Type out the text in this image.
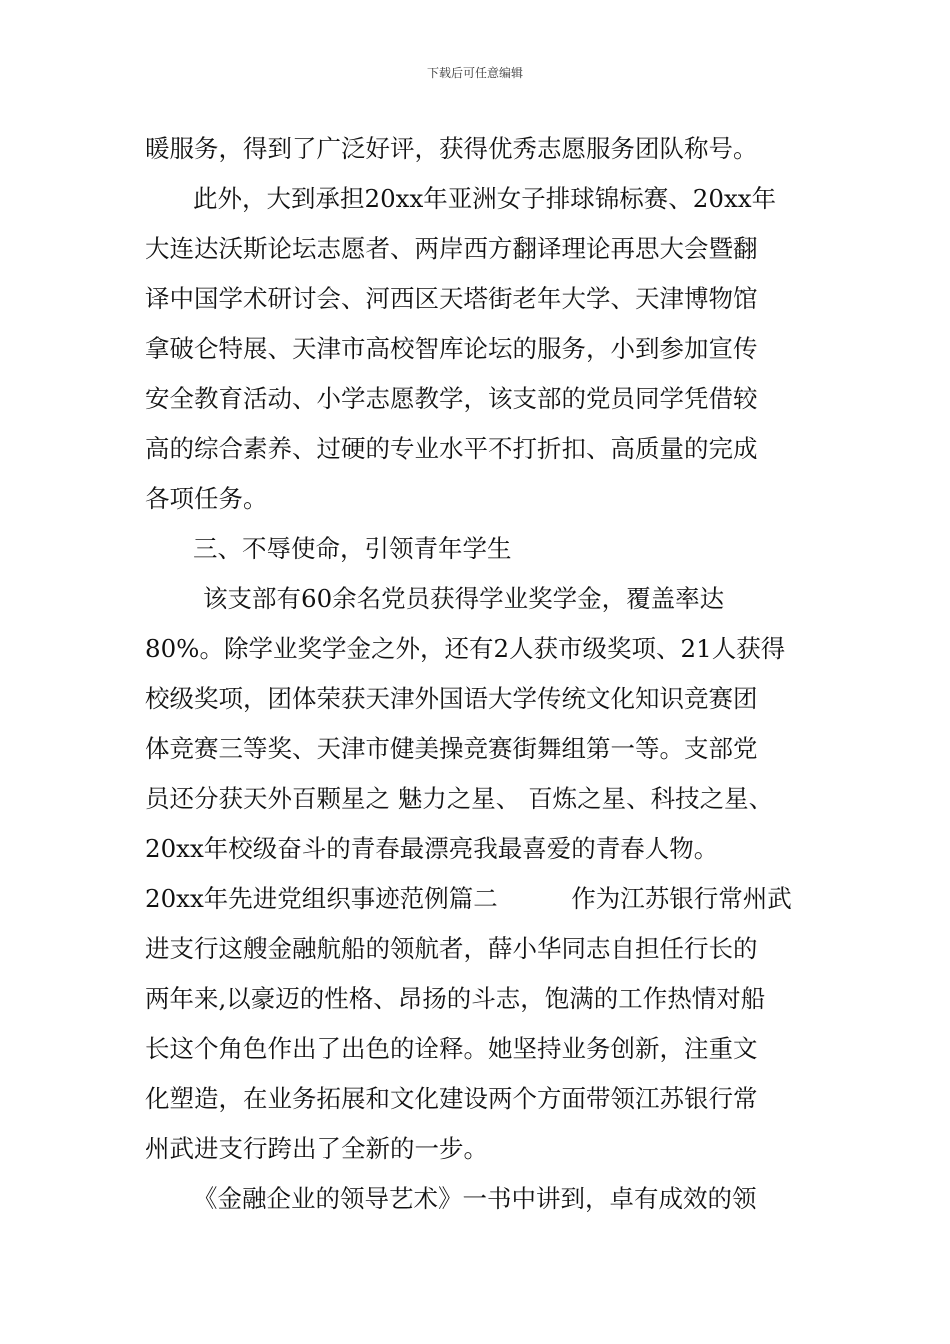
下载后可任意编辑
暖服务，得到了广泛好评，获得优秀志愿服务团队称号。
此外，大到承担20xx年亚洲女子排球锦标赛、20xx年
大连达沃斯论坛志愿者、两岸西方翻译理论再思大会暨翻
译中国学术研讨会、河西区天塔街老年大学、天津博物馆
拿破仑特展、天津市高校智库论坛的服务，小到参加宣传
安全教育活动、小学志愿教学，该支部的党员同学凭借较
高的综合素养、过硬的专业水平不打折扣、高质量的完成
各项任务。
三、不辱使命，引领青年学生
该支部有60余名党员获得学业奖学金，覆盖率达
80%。除学业奖学金之外，还有2人获市级奖项、21人获得
校级奖项，团体荣获天津外国语大学传统文化知识竞赛团
体竞赛三等奖、天津市健美操竞赛街舞组第一等。支部党
员还分获天外百颗星之 魅力之星、 百炼之星、科技之星、
20xx年校级奋斗的青春最漂亮我最喜爱的青春人物。
20xx年先进党组织事迹范例篇二　　　作为江苏银行常州武
进支行这艘金融航船的领航者，薛小华同志自担任行长的
两年来,以豪迈的性格、昂扬的斗志，饱满的工作热情对船
长这个角色作出了出色的诠释。她坚持业务创新，注重文
化塑造，在业务拓展和文化建设两个方面带领江苏银行常
州武进支行跨出了全新的一步。
《金融企业的领导艺术》一书中讲到，卓有成效的领
